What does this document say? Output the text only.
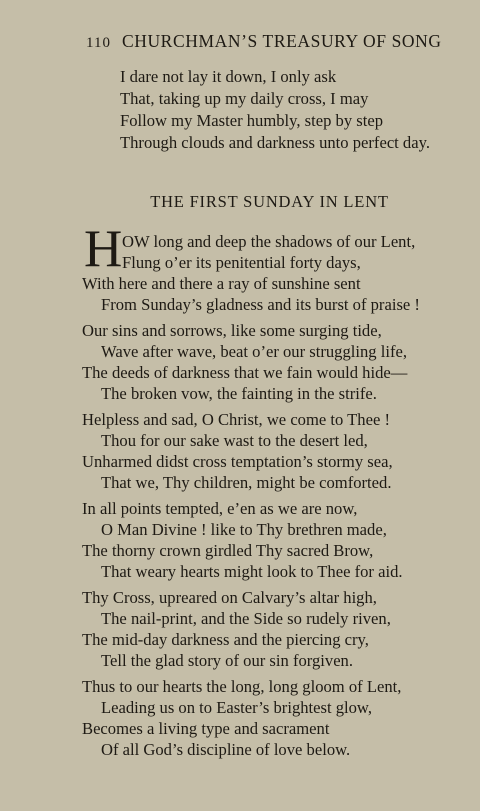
110 CHURCHMAN’S TREASURY OF SONG
I dare not lay it down, I only ask
That, taking up my daily cross, I may
Follow my Master humbly, step by step
Through clouds and darkness unto perfect day.
THE FIRST SUNDAY IN LENT
H OW long and deep the shadows of our Lent,
Flung o’er its penitential forty days,
With here and there a ray of sunshine sent
From Sunday’s gladness and its burst of praise !
Our sins and sorrows, like some surging tide,
Wave after wave, beat o’er our struggling life,
The deeds of darkness that we fain would hide—
The broken vow, the fainting in the strife.
Helpless and sad, O Christ, we come to Thee !
Thou for our sake wast to the desert led,
Unharmed didst cross temptation’s stormy sea,
That we, Thy children, might be comforted.
In all points tempted, e’en as we are now,
O Man Divine ! like to Thy brethren made,
The thorny crown girdled Thy sacred Brow,
That weary hearts might look to Thee for aid.
Thy Cross, upreared on Calvary’s altar high,
The nail-print, and the Side so rudely riven,
The mid-day darkness and the piercing cry,
Tell the glad story of our sin forgiven.
Thus to our hearts the long, long gloom of Lent,
Leading us on to Easter’s brightest glow,
Becomes a living type and sacrament
Of all God’s discipline of love below.
